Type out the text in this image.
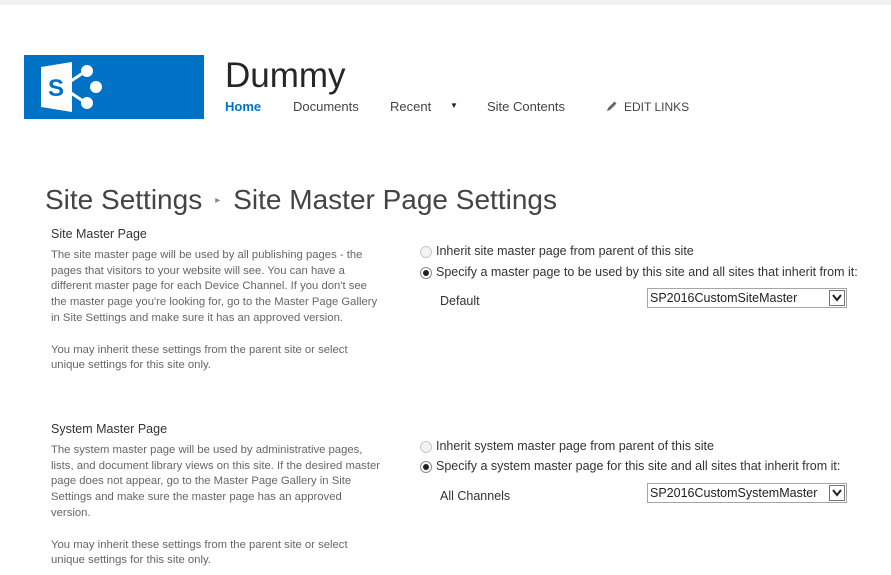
S	Dummy
Home Documents Recent ▼ Site Contents	EDIT LINKS
Site Settings ▸ Site Master Page Settings
Site Master Page

The site master page will be used by all publishing pages - the pages that visitors to your website will see. You can have a different master page for each Device Channel. If you don't see the master page you're looking for, go to the Master Page Gallery in Site Settings and make sure it has an approved version.

You may inherit these settings from the parent site or select unique settings for this site only.

Inherit site master page from parent of this site
Specify a master page to be used by this site and all sites that inherit from it:
Default	SP2016CustomSiteMaster
System Master Page

The system master page will be used by administrative pages, lists, and document library views on this site. If the desired master page does not appear, go to the Master Page Gallery in Site Settings and make sure the master page has an approved version.

You may inherit these settings from the parent site or select unique settings for this site only.

Inherit system master page from parent of this site
Specify a system master page for this site and all sites that inherit from it:
All Channels	SP2016CustomSystemMaster
